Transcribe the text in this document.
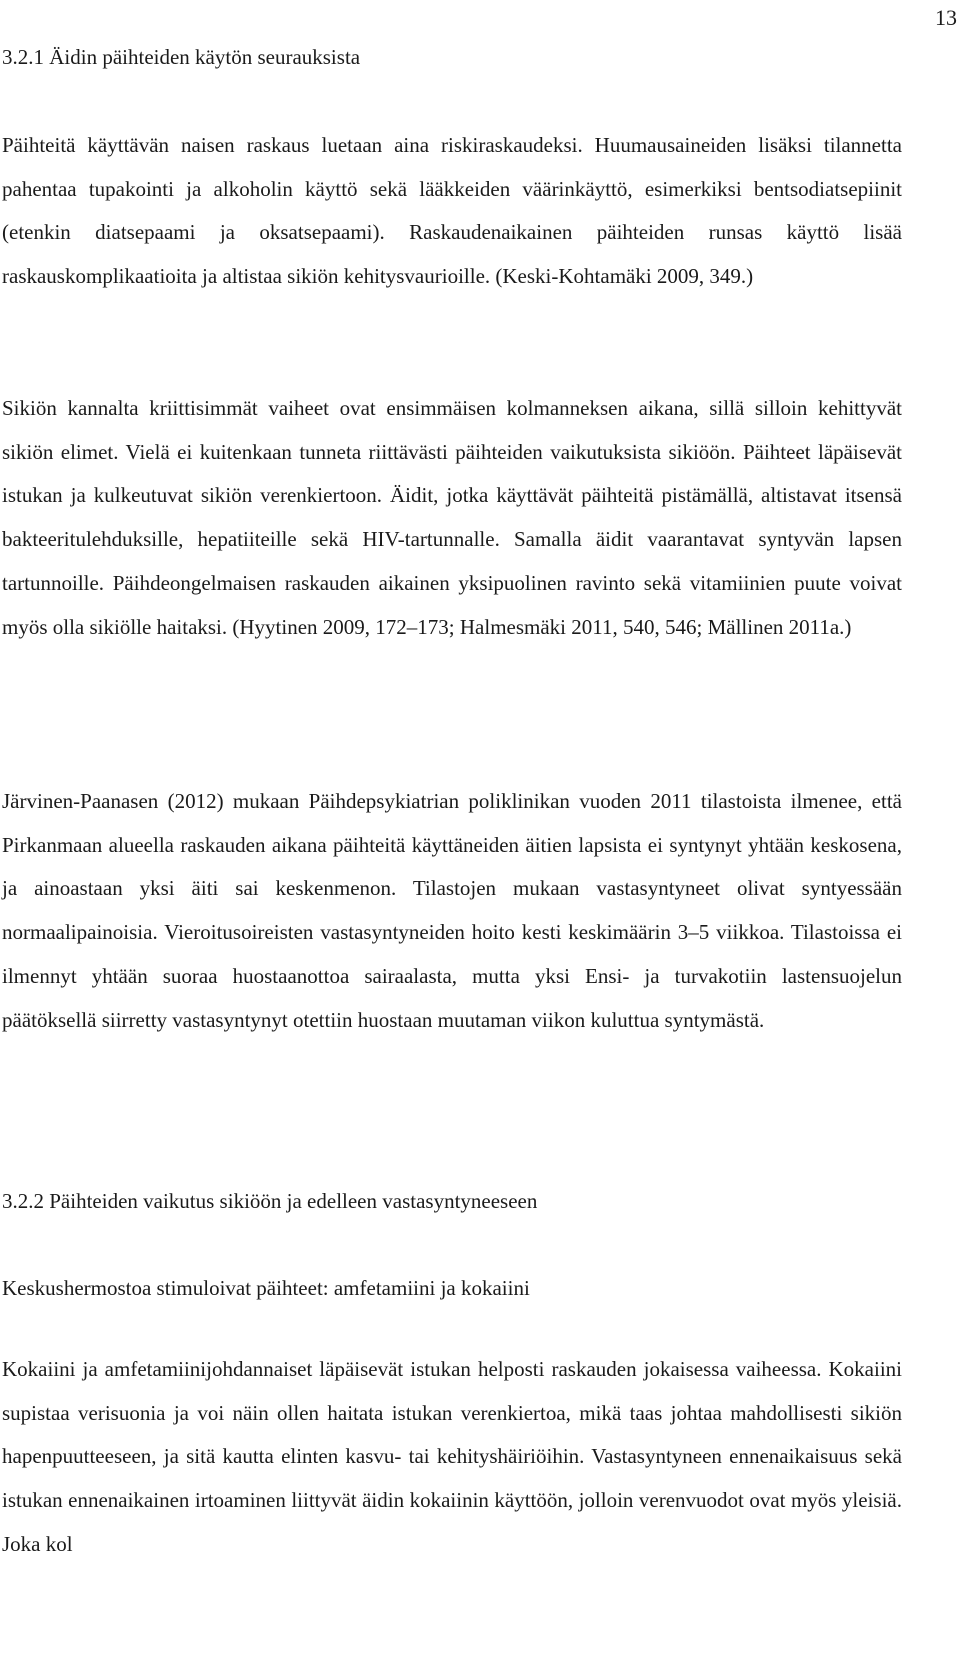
13
3.2.1 Äidin päihteiden käytön seurauksista

Päihteitä käyttävän naisen raskaus luetaan aina riskiraskaudeksi. Huumausaineiden lisäksi tilannetta pahentaa tupakointi ja alkoholin käyttö sekä lääkkeiden väärinkäyttö, esimerkiksi bentsodiatsepiinit (etenkin diatsepaami ja oksatsepaami). Raskaudenaikainen päihteiden runsas käyttö lisää raskauskomplikaatioita ja altistaa sikiön kehitysvaurioille. (Keski-Kohtamäki 2009, 349.)

Sikiön kannalta kriittisimmät vaiheet ovat ensimmäisen kolmanneksen aikana, sillä silloin kehittyvät sikiön elimet. Vielä ei kuitenkaan tunneta riittävästi päihteiden vaikutuksista sikiöön. Päihteet läpäisevät istukan ja kulkeutuvat sikiön verenkiertoon. Äidit, jotka käyttävät päihteitä pistämällä, altistavat itsensä bakteeritulehduksille, hepatiiteille sekä HIV-tartunnalle. Samalla äidit vaarantavat syntyvän lapsen tartunnoille. Päihdeongelmaisen raskauden aikainen yksipuolinen ravinto sekä vitamiinien puute voivat myös olla sikiölle haitaksi. (Hyytinen 2009, 172–173; Halmesmäki 2011, 540, 546; Mällinen 2011a.)

Järvinen-Paanasen (2012) mukaan Päihdepsykiatrian poliklinikan vuoden 2011 tilastoista ilmenee, että Pirkanmaan alueella raskauden aikana päihteitä käyttäneiden äitien lapsista ei syntynyt yhtään keskosena, ja ainoastaan yksi äiti sai keskenmenon. Tilastojen mukaan vastasyntyneet olivat syntyessään normaalipainoisia. Vieroitusoireisten vastasyntyneiden hoito kesti keskimäärin 3–5 viikkoa. Tilastoissa ei ilmennyt yhtään suoraa huostaanottoa sairaalasta, mutta yksi Ensi- ja turvakotiin lastensuojelun päätöksellä siirretty vastasyntynyt otettiin huostaan muutaman viikon kuluttua syntymästä.

3.2.2 Päihteiden vaikutus sikiöön ja edelleen vastasyntyneeseen
Keskushermostoa stimuloivat päihteet: amfetamiini ja kokaiini

Kokaiini ja amfetamiinijohdannaiset läpäisevät istukan helposti raskauden jokaisessa vaiheessa. Kokaiini supistaa verisuonia ja voi näin ollen haitata istukan verenkiertoa, mikä taas johtaa mahdollisesti sikiön hapenpuutteeseen, ja sitä kautta elinten kasvu- tai kehityshäiriöihin. Vastasyntyneen ennenaikaisuus sekä istukan ennenaikainen irtoaminen liittyvät äidin kokaiinin käyttöön, jolloin verenvuodot ovat myös yleisiä. Joka kol
